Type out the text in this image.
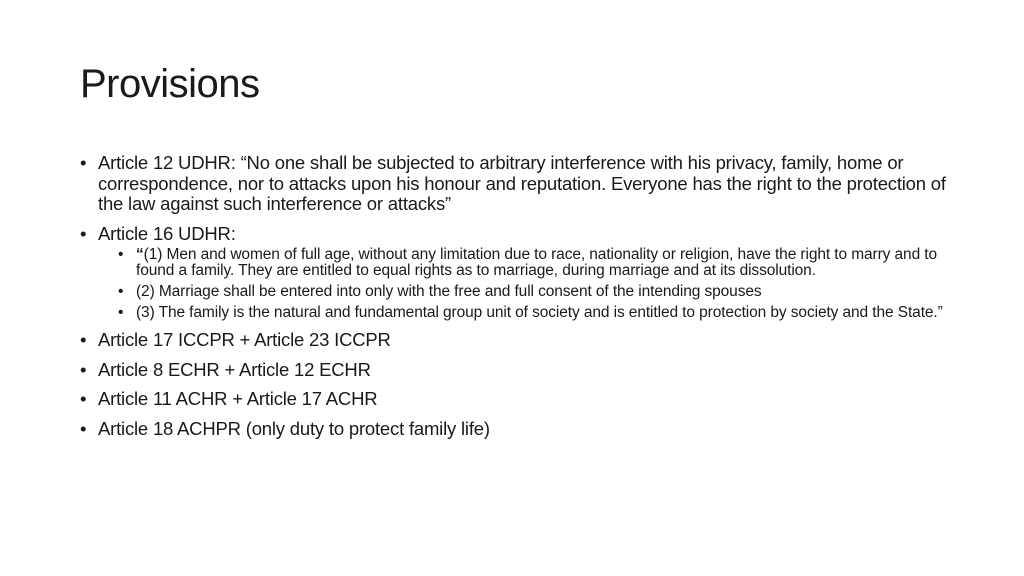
Provisions
• Article 12 UDHR: “No one shall be subjected to arbitrary interference with his privacy, family, home or correspondence, nor to attacks upon his honour and reputation. Everyone has the right to the protection of the law against such interference or attacks”
• Article 16 UDHR:
• “(1) Men and women of full age, without any limitation due to race, nationality or religion, have the right to marry and to found a family. They are entitled to equal rights as to marriage, during marriage and at its dissolution.
• (2) Marriage shall be entered into only with the free and full consent of the intending spouses
• (3) The family is the natural and fundamental group unit of society and is entitled to protection by society and the State.”
• Article 17 ICCPR + Article 23 ICCPR
• Article 8 ECHR + Article 12 ECHR
• Article 11 ACHR + Article 17 ACHR
• Article 18 ACHPR (only duty to protect family life)
